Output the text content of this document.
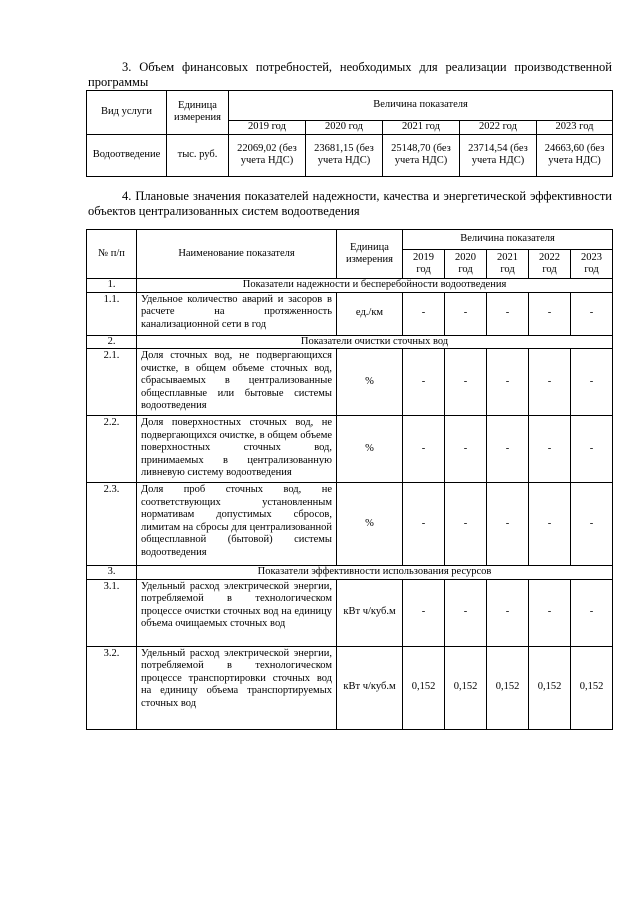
3. Объем финансовых потребностей, необходимых для реализации производственной программы
Вид услуги	Единица измерения	Величина показателя				
		2019 год	2020 год	2021 год	2022 год	2023 год
Водоотведение	тыс. руб.	22069,02 (без учета НДС)	23681,15 (без учета НДС)	25148,70 (без учета НДС)	23714,54 (без учета НДС)	24663,60 (без учета НДС)
4. Плановые значения показателей надежности, качества и энергетической эффективности объектов централизованных систем водоотведения
№ п/п	Наименование показателя	Единица измерения	Величина показателя				
			2019 год	2020 год	2021 год	2022 год	2023 год
1.	Показатели надежности и бесперебойности водоотведения						
1.1.	Удельное количество аварий и засоров в расчете на протяженность канализационной сети в год	ед./км	-	-	-	-	-
2.	Показатели очистки сточных вод						
2.1.	Доля сточных вод, не подвергающихся очистке, в общем объеме сточных вод, сбрасываемых в централизованные общесплавные или бытовые системы водоотведения	%	-	-	-	-	-
2.2.	Доля поверхностных сточных вод, не подвергающихся очистке, в общем объеме поверхностных сточных вод, принимаемых в централизованную ливневую систему водоотведения	%	-	-	-	-	-
2.3.	Доля проб сточных вод, не соответствующих установленным нормативам допустимых сбросов, лимитам на сбросы для централизованной общесплавной (бытовой) системы водоотведения	%	-	-	-	-	-
3.	Показатели эффективности использования ресурсов						
3.1.	Удельный расход электрической энергии, потребляемой в технологическом процессе очистки сточных вод на единицу объема очищаемых сточных вод	кВт ч/куб.м	-	-	-	-	-
3.2.	Удельный расход электрической энергии, потребляемой в технологическом процессе транспортировки сточных вод на единицу объема транспортируемых сточных вод	кВт ч/куб.м	0,152	0,152	0,152	0,152	0,152
